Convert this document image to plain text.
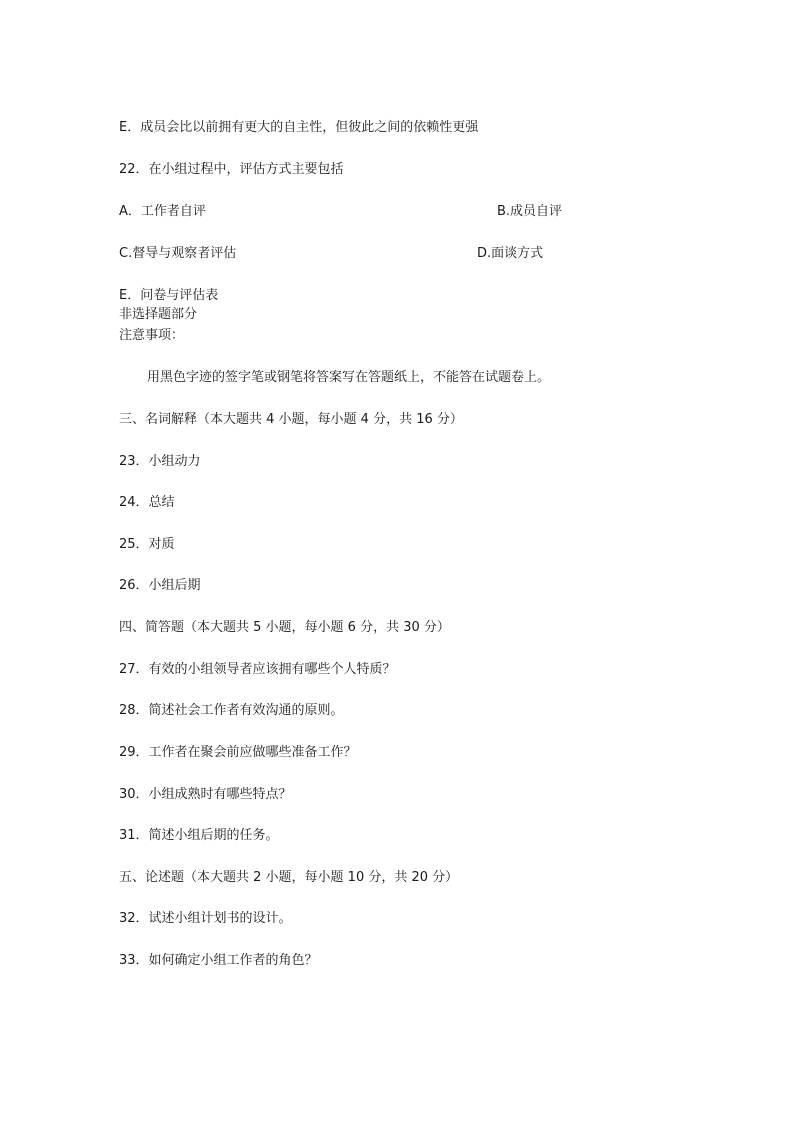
E．成员会比以前拥有更大的自主性，但彼此之间的依赖性更强
22．在小组过程中，评估方式主要包括
A．工作者自评	B.成员自评
C.督导与观察者评估	D.面谈方式
E．问卷与评估表
非选择题部分
注意事项：
用黑色字迹的签字笔或钢笔将答案写在答题纸上，不能答在试题卷上。
三、名词解释（本大题共 4 小题，每小题 4 分，共 16 分）
23．小组动力
24．总结
25．对质
26．小组后期
四、简答题（本大题共 5 小题，每小题 6 分，共 30 分）
27．有效的小组领导者应该拥有哪些个人特质？
28．简述社会工作者有效沟通的原则。
29．工作者在聚会前应做哪些准备工作？
30．小组成熟时有哪些特点？
31．简述小组后期的任务。
五、论述题（本大题共 2 小题，每小题 10 分，共 20 分）
32．试述小组计划书的设计。
33．如何确定小组工作者的角色？
